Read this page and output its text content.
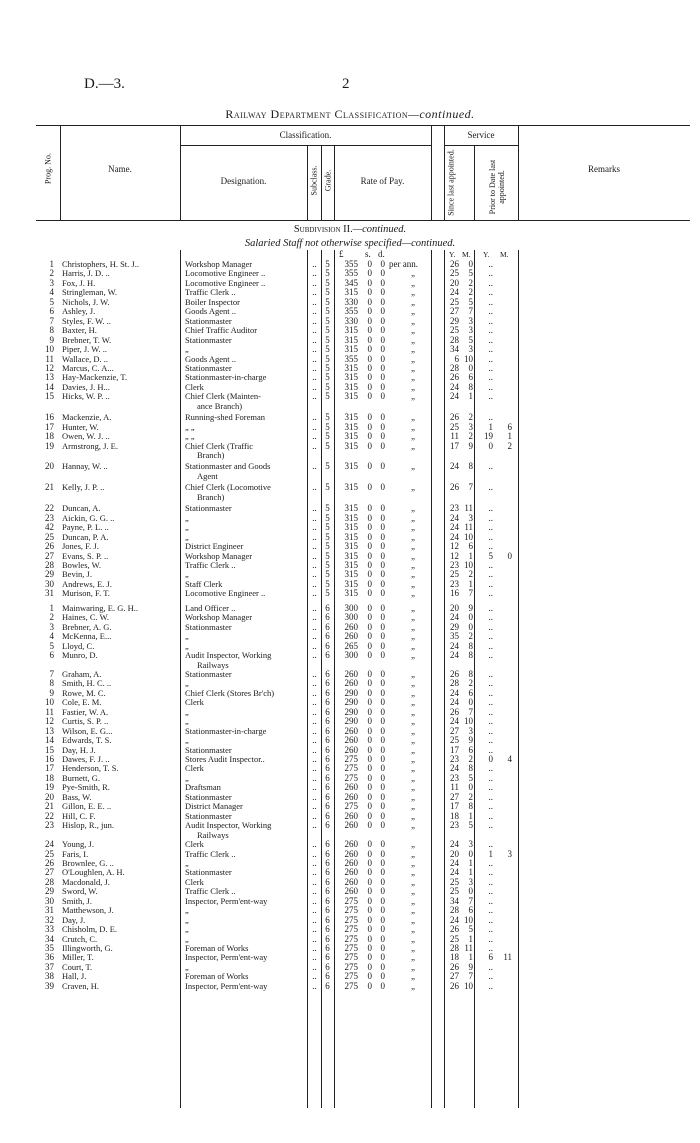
D.—3.	2
Railway Department Classification—continued.
Prog. No.	Name.
Classification.	Service
Designation.	Subclass. Grade.	Rate of Pay.	Since last appointed.	Prior to Date last appointed.
Remarks
Subdivision II.—continued.
Salaried Staff not otherwise specified—continued.
£ s. d.	Y. M. Y. M.
1 Christophers, H. St. J..	Workshop Manager	.. 5	355	0 0 per ann.	26	0	..
2 Harris, J. D. ..	Locomotive Engineer ..	.. 5	355	0 0	„	25	5	..
3 Fox, J. H.	Locomotive Engineer ..	.. 5	345	0 0	„	20	2	..
4 Stringleman, W.	Traffic Clerk ..	.. 5	315	0 0	„	24	2	..
5 Nichols, J. W.	Boiler Inspector	.. 5	330	0 0	„	25	5	..
6 Ashley, J.	Goods Agent ..	.. 5	355	0 0	„	27	7	..
7 Styles, F. W. ..	Stationmaster	.. 5	330	0 0	„	29	3	..
8 Baxter, H.	Chief Traffic Auditor	.. 5	315	0 0	„	25	3	..
9 Brebner, T. W.	Stationmaster	.. 5	315	0 0	„	28	5	..
10 Piper, J. W. ..	„	.. 5	315	0 0	„	34	3	..
11 Wallace, D. ..	Goods Agent ..	.. 5	355	0 0	„	6 10	..
12 Marcus, C. A...	Stationmaster	.. 5	315	0 0	„	28	0	..
13 Hay-Mackenzie, T.	Stationmaster-in-charge	.. 5	315	0 0	„	26	6	..
14 Davies, J. H...	Clerk	.. 5	315	0 0	„	24	8	..
15 Hicks, W. P. ..	Chief Clerk (Mainten-	.. 5	315	0 0	„	24	1	..
ance Branch)
16 Mackenzie, A.	Running-shed Foreman	.. 5	315	0 0	„	26	2	..
17 Hunter, W.	„ „	.. 5	315	0 0	„	25	3	1	6
18 Owen, W. J. ..	„ „	.. 5	315	0 0	„	11	2	19	1
19 Armstrong, J. E.	Chief Clerk (Traffic	.. 5	315	0 0	„	17	9	0	2
Branch)
20 Hannay, W. ..	Stationmaster and Goods	.. 5	315	0 0	„	24	8	..
Agent
21 Kelly, J. P. ..	Chief Clerk (Locomotive	.. 5	315	0 0	„	26	7	..
Branch)
22 Duncan, A.	Stationmaster	.. 5	315	0 0	„	23 11	..
23 Aickin, G. G. ..	„	.. 5	315	0 0	„	24	3	..
42 Payne, P. L. ..	„	.. 5	315	0 0	„	24 11	..
25 Duncan, P. A.	„	.. 5	315	0 0	„	24 10	..
26 Jones, F. J.	District Engineer	.. 5	315	0 0	„	12	6	..
27 Evans, S. P. ..	Workshop Manager	.. 5	315	0 0	„	12	1	5	0
28 Bowles, W.	Traffic Clerk ..	.. 5	315	0 0	„	23 10	..
29 Bevin, J.	„	.. 5	315	0 0	„	25	2	..
30 Andrews, E. J.	Staff Clerk	.. 5	315	0 0	„	23	1	..
31 Murison, F. T.	Locomotive Engineer ..	.. 5	315	0 0	„	16	7	..
1 Mainwaring, E. G. H..	Land Officer ..	.. 6	300	0 0	„	20	9	..
2 Haines, C. W.	Workshop Manager	.. 6	300	0 0	„	24	0	..
3 Brebner, A. G.	Stationmaster	.. 6	260	0 0	„	29	0	..
4 McKenna, E...	„	.. 6	260	0 0	„	35	2	..
5 Lloyd, C.	„	.. 6	265	0 0	„	24	8	..
6 Munro, D.	Audit Inspector, Working	.. 6	300	0 0	„	24	8	..
Railways
7 Graham, A.	Stationmaster	.. 6	260	0 0	„	26	8	..
8 Smith, H. C. ..	„	.. 6	260	0 0	„	28	2	..
9 Rowe, M. C.	Chief Clerk (Stores Br'ch)	.. 6	290	0 0	„	24	6	..
10 Cole, E. M.	Clerk	.. 6	290	0 0	„	24	0	..
11 Fastier, W. A.	„	.. 6	290	0 0	„	26	7	..
12 Curtis, S. P. ..	„	.. 6	290	0 0	„	24 10	..
13 Wilson, E. G...	Stationmaster-in-charge	.. 6	260	0 0	„	27	3	..
14 Edwards, T. S.	„	.. 6	260	0 0	„	25	9	..
15 Day, H. J.	Stationmaster	.. 6	260	0 0	„	17	6	..
16 Dawes, F. J. ..	Stores Audit Inspector..	.. 6	275	0 0	„	23	2	0	4
17 Henderson, T. S.	Clerk	.. 6	275	0 0	„	24	8	..
18 Burnett, G.	„	.. 6	275	0 0	„	23	5	..
19 Pye-Smith, R.	Draftsman	.. 6	260	0 0	„	11	0	..
20 Bass, W.	Stationmaster	.. 6	260	0 0	„	27	2	..
21 Gillon, E. E. ..	District Manager	.. 6	275	0 0	„	17	8	..
22 Hill, C. F.	Stationmaster	.. 6	260	0 0	„	18	1	..
23 Hislop, R., jun.	Audit Inspector, Working	.. 6	260	0 0	„	23	5	..
Railways
24 Young, J.	Clerk	.. 6	260	0 0	„	24	3	..
25 Faris, I.	Traffic Clerk ..	.. 6	260	0 0	„	20	0	1	3
26 Brownlee, G. ..	„	.. 6	260	0 0	„	24	1	..
27 O'Loughlen, A. H.	Stationmaster	.. 6	260	0 0	„	24	1	..
28 Macdonald, J.	Clerk	.. 6	260	0 0	„	25	3	..
29 Sword, W.	Traffic Clerk ..	.. 6	260	0 0	„	25	0	..
30 Smith, J.	Inspector, Perm'ent-way	.. 6	275	0 0	„	34	7	..
31 Matthewson, J.	„	.. 6	275	0 0	„	28	6	..
32 Day, J.	„	.. 6	275	0 0	„	24 10	..
33 Chisholm, D. E.	„	.. 6	275	0 0	„	26	5	..
34 Crutch, C.	„	.. 6	275	0 0	„	25	1	..
35 Illingworth, G.	Foreman of Works	.. 6	275	0 0	„	28 11	..
36 Miller, T.	Inspector, Perm'ent-way	.. 6	275	0 0	„	18	1	6	11
37 Court, T.	„	.. 6	275	0 0	„	26	9	..
38 Hall, J.	Foreman of Works	.. 6	275	0 0	„	27	7	..
39 Craven, H.	Inspector, Perm'ent-way	.. 6	275	0 0	„	26 10	..
